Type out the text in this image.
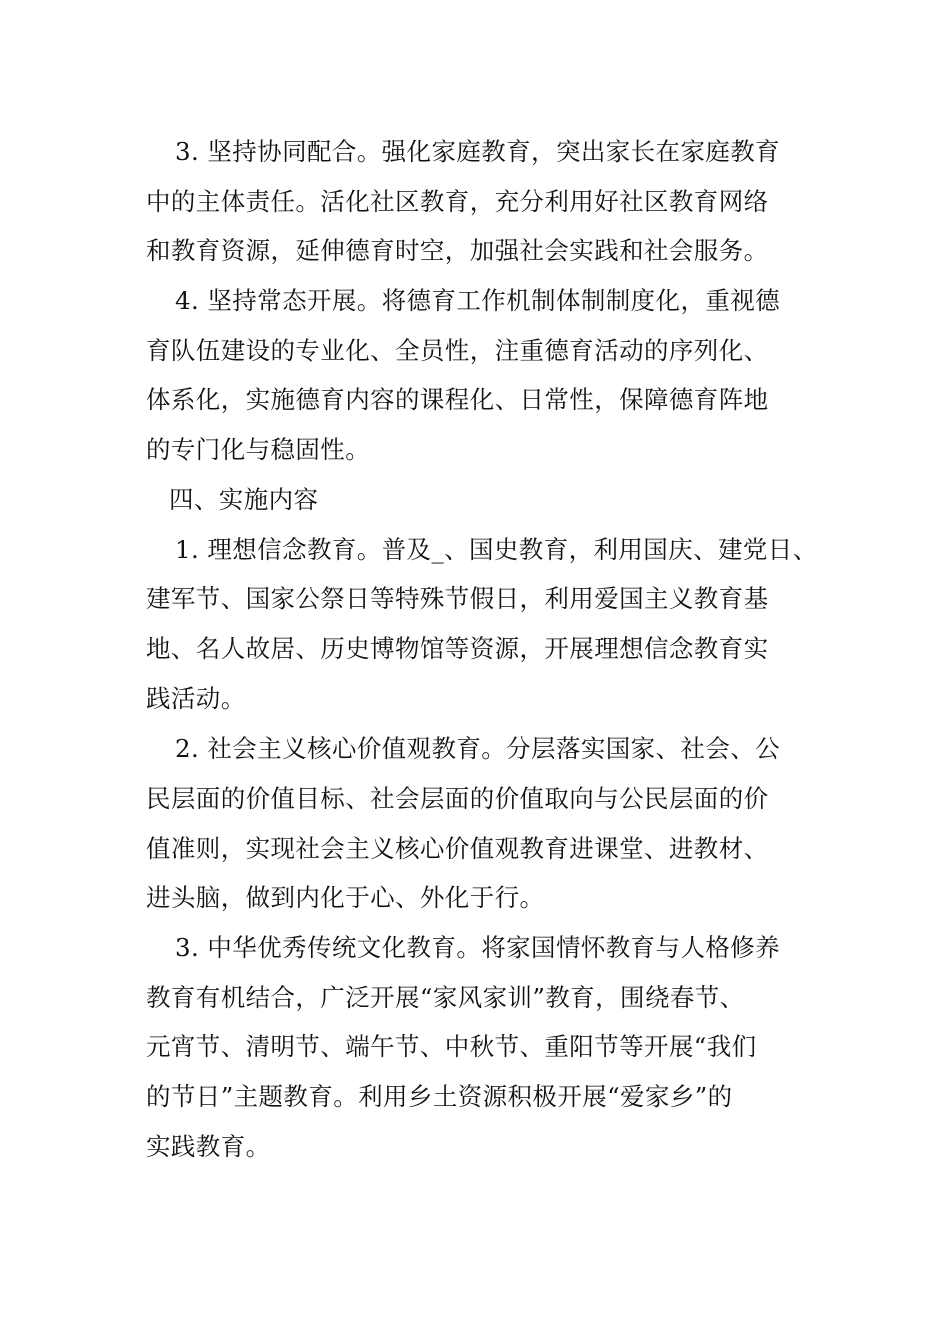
3. 坚持协同配合。强化家庭教育，突出家长在家庭教育
中的主体责任。活化社区教育，充分利用好社区教育网络
和教育资源，延伸德育时空，加强社会实践和社会服务。
4. 坚持常态开展。将德育工作机制体制制度化，重视德
育队伍建设的专业化、全员性，注重德育活动的序列化、
体系化，实施德育内容的课程化、日常性，保障德育阵地
的专门化与稳固性。
四、实施内容
1. 理想信念教育。普及_、国史教育，利用国庆、建党日、
建军节、国家公祭日等特殊节假日，利用爱国主义教育基
地、名人故居、历史博物馆等资源，开展理想信念教育实
践活动。
2. 社会主义核心价值观教育。分层落实国家、社会、公
民层面的价值目标、社会层面的价值取向与公民层面的价
值准则，实现社会主义核心价值观教育进课堂、进教材、
进头脑，做到内化于心、外化于行。
3. 中华优秀传统文化教育。将家国情怀教育与人格修养
教育有机结合，广泛开展“家风家训”教育，围绕春节、
元宵节、清明节、端午节、中秋节、重阳节等开展“我们
的节日”主题教育。利用乡土资源积极开展“爱家乡”的
实践教育。
